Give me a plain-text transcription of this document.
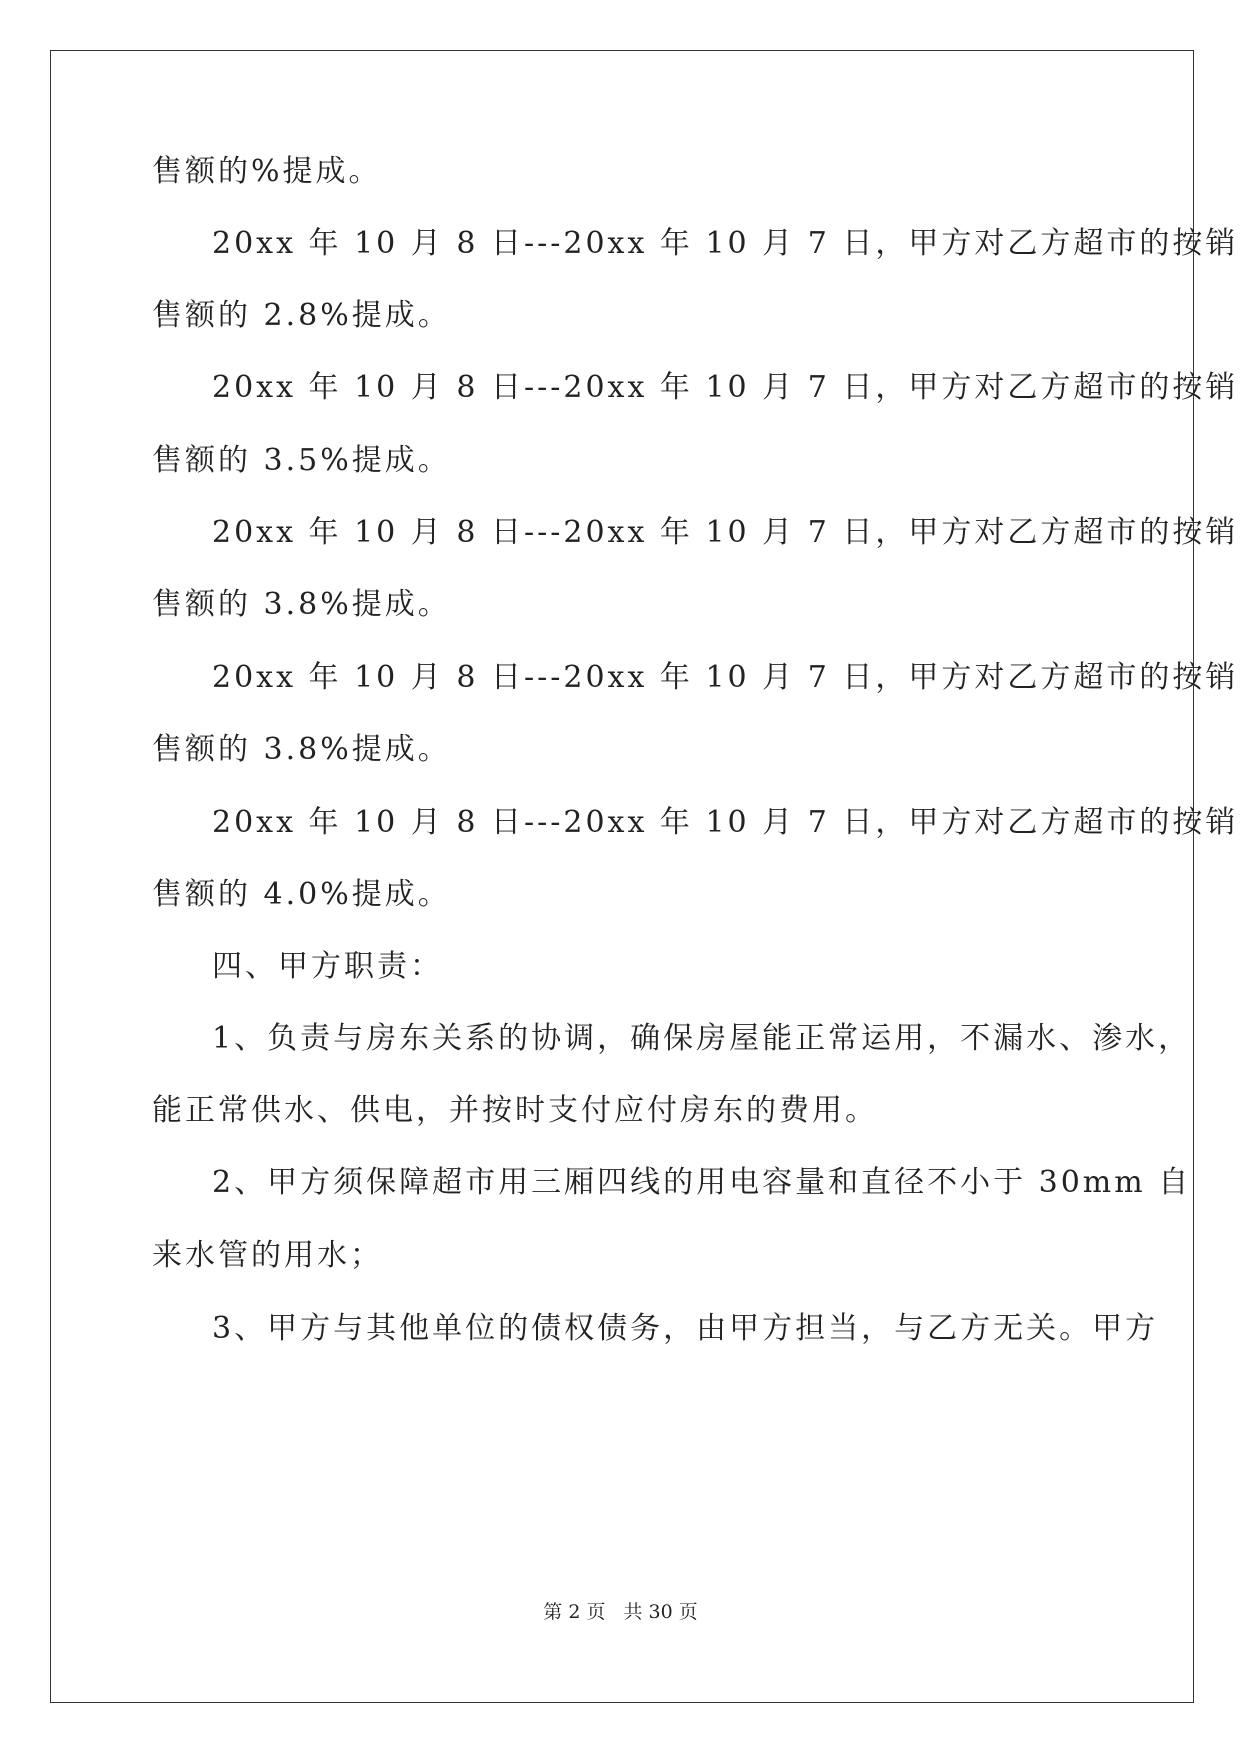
售额的%提成。
20xx 年 10 月 8 日---20xx 年 10 月 7 日，甲方对乙方超市的按销
售额的 2.8%提成。
20xx 年 10 月 8 日---20xx 年 10 月 7 日，甲方对乙方超市的按销
售额的 3.5%提成。
20xx 年 10 月 8 日---20xx 年 10 月 7 日，甲方对乙方超市的按销
售额的 3.8%提成。
20xx 年 10 月 8 日---20xx 年 10 月 7 日，甲方对乙方超市的按销
售额的 3.8%提成。
20xx 年 10 月 8 日---20xx 年 10 月 7 日，甲方对乙方超市的按销
售额的 4.0%提成。
四、甲方职责：
1、负责与房东关系的协调，确保房屋能正常运用，不漏水、渗水，
能正常供水、供电，并按时支付应付房东的费用。
2、甲方须保障超市用三厢四线的用电容量和直径不小于 30mm 自
来水管的用水；
3、甲方与其他单位的债权债务，由甲方担当，与乙方无关。甲方
第 2 页 共 30 页
